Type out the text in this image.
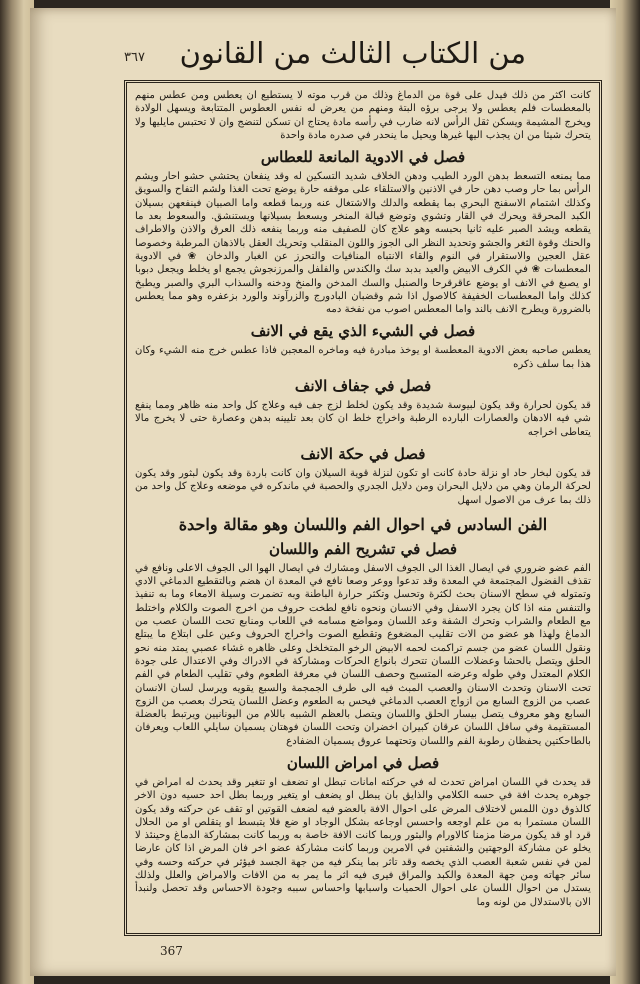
من الكتاب الثالث من القانون
٣٦٧

كانت اكثر من ذلك فيدل على قوة من الدماغ وذلك من قرب موته لا يستطيع ان يعطس ومن عطس منهم بالمعطسات فلم يعطس ولا يرجى برؤه البتة ومنهم من يعرض له نفس العطوس المتتابعة ويسهل الولادة ويخرج المشيمة ويسكن ثقل الرأس لانه ضارب في رأسه مادة يحتاج ان تسكن لتنضج وان لا تحتبس مايليها ولا يتحرك شيئا من ان يجذب اليها غيرها ويحيل ما ينحدر في صدره مادة واحدة

فصل في الادوية المانعة للعطاس

مما يمنعه التسعط بدهن الورد الطيب ودهن الخلاف شديد التسكين له وقد ينفعان يحتشي حشو احار ويشم الرأس بما حار وصب دهن حار في الاذنين والاستلقاء على موقفه حارة يوضع تحت الغذا ولشم التفاح والسويق وكذلك اشتمام الاسفنج البحري بما يقطعه والدلك والاشتغال عنه وربما قطعه واما الصبيان فينفعهن بسيلان الكبد المحرقة ويحرك في القار وتشوي وتوضع قبالة المنخر ويسعط بسيلانها ويستنشق. والسعوط بعد ما يقطعه ويشد الصبر عليه ثانيا بحبسه وهو علاج كان للصفيف منه وربما ينفعه ذلك العرق والاذن والاطراف والحنك وقوة الثغر والجشو وتحديد النظر الى الجوز واللون المنقلب وتحريك العقل بالاذهان المرطبة وخصوصا عقل العجين والاستقرار في النوم والقاء الانتباه المنافيات والتحرز عن الغبار والدخان ❀ في الادوية المعطسات ❀ في الكرف الابيض والعيد بدبد سك والكندس والفلفل والمرزنجوش يجمع او يخلط ويجعل دبوبا او يصبغ في الانف او يوضع عاقرقرحا والصنبل والسك المدخن والمنخ ودخنه والسذاب البري والصبر ويطبخ كذلك واما المعطسات الخفيفة كالاصول اذا شم وقضبان البادورج والزرآوند والورد بزعفره وهو مما يعطس بالضرورة ويطرح الانف بالند واما المعطس اصوب من نفخة دمه

فصل في الشيء الذي يقع في الانف

يعطس صاحبه بعض الادوية المعطسة او يوخذ مبادرة فيه وماخره المعجبن فاذا عطس خرج منه الشيء وكان هذا بما سلف ذكره

فصل في جفاف الانف

قد يكون لحرارة وقد يكون لبيوسة شديدة وقد يكون لخلط لزج جف فيه وعلاج كل واحد منه ظاهر ومما ينفع شي فيه الادهان والعصارات البارده الرطبة واخراج خلط ان كان بعد تليينه بدهن وعصارة حتى لا يخرج مالا يتعاطى اخراجه

فصل في حكة الانف

قد يكون لبخار حاد او نزلة حادة كانت او تكون لنزلة قوية السيلان وان كانت باردة وقد يكون لبثور وقد يكون لحركة الرمان وهي من دلايل البحران ومن دلايل الجدري والحصبة في ماندكره في موضعه وعلاج كل واحد من ذلك بما عرف من الاصول اسهل

الفن السادس في احوال الفم واللسان وهو مقالة واحدة
فصل في تشريح الفم واللسان

الفم عضو ضروري في ايصال الغذا الى الجوف الاسفل ومشارك في ايصال الهوا الى الجوف الاعلى ونافع في تقذف الفضول المجتمعة في المعدة وقد تدعوا ووعر وصعا نافع في المعدة ان هضم وبالتقطيع الدماغي الادي وتمتوله في سطح الاسنان بحث لكثرة وتحسل وتكثر حرارة الباطنة وبه تضمرت وسيلة الامعاء وما به تنفيذ والتنفس منه اذا كان يجرد الاسفل وفي الانسان ونحوه نافع لطخت حروف من اخرج الصوت والكلام واختلط مع الطعام والشراب وتحرك الشفة وعد اللسان ومواضع مسامه في اللعاب ومنابع تحت اللسان عصب من الدماغ ولهذا هو عضو من الات تقليب المضغوع وتقطيع الصوت واخراج الحروف وعين على ابتلاع ما يبتلع ونقول اللسان عضو من جسم تراكمت لحمه الابيض الرخو المتخلخل وعلى ظاهره غشاء عصبي يمتد منه نحو الحلق ويتصل بالحشا وعضلات اللسان تتحرك بانواع الحركات ومشاركة في الادراك وفي الاعتدال على جودة الكلام المعتدل وفي طوله وعرضه المتسبح وحصف اللسان في معرفة الطعوم وفي تقليب الطعام في الفم تحت الاسنان وتحدث الاسنان والعصب المبث فيه الى طرف الجمجمة والسبع يقويه ويرسل لسان الانسان عصب من الزوج السابع من ازواج العصب الدماغي فيحس به الطعوم وعضل اللسان يتحرك بعصب من الزوج السابع وهو معروف يتصل بيسار الحلق واللسان ويتصل بالعظم الشبيه باللام من اليونانيين ويرتبط بالعضلة المستقيمة وفي سافل اللسان عرقان كبيران اخضران وتحت اللسان فوهتان يسميان سايلي اللعاب ويعرفان بالطاحكتين يحفظان رطوبة الفم واللسان وتحتهما عروق يسميان الضفادع

فصل في امراض اللسان

قد يحدث في اللسان امراض تحدث له في حركته امانات تبطل او تضعف او تتغير وقد يحدث له امراض في جوهره يحدث افة في حسه الكلامي والذايق بان يبطل او يضعف او يتغير وربما بطل احد حسيه دون الاخر كالذوق دون اللمس لاختلاف المرض على احوال الافة بالعضو فيه لضعف القوتين او تقف عن حركته وقد يكون اللسان مستمرا به من علم اوجعه واحسس اوجاعه بشكل الوجاد او ضع فلا يتبسط او يتقلص او من الحلال قرد او قد يكون مرضا مزمنا كالاورام والبثور وربما كانت الافة خاصة به وربما كانت بمشاركة الدماغ وحينئذ لا يخلو عن مشاركة الوجهتين والشفتين في الامرين وربما كانت مشاركة عضو اخر فان المرض اذا كان عارضا لمن في نفس شعبة العصب الذي يخصه وقد تاثر بما ينكر فيه من جهة الجسد فيؤثر في حركته وحسه وفي سائر جهاته ومن جهة المعدة والكبد والمراق فيرى فيه اثر ما يمر به من الافات والامراض والعلل ولذلك يستدل من احوال اللسان على احوال الحميات واسبابها واحساس سببه وجودة الاحساس وقد تحصل ولنبدأ الان بالاستدلال من لونه وما

367
